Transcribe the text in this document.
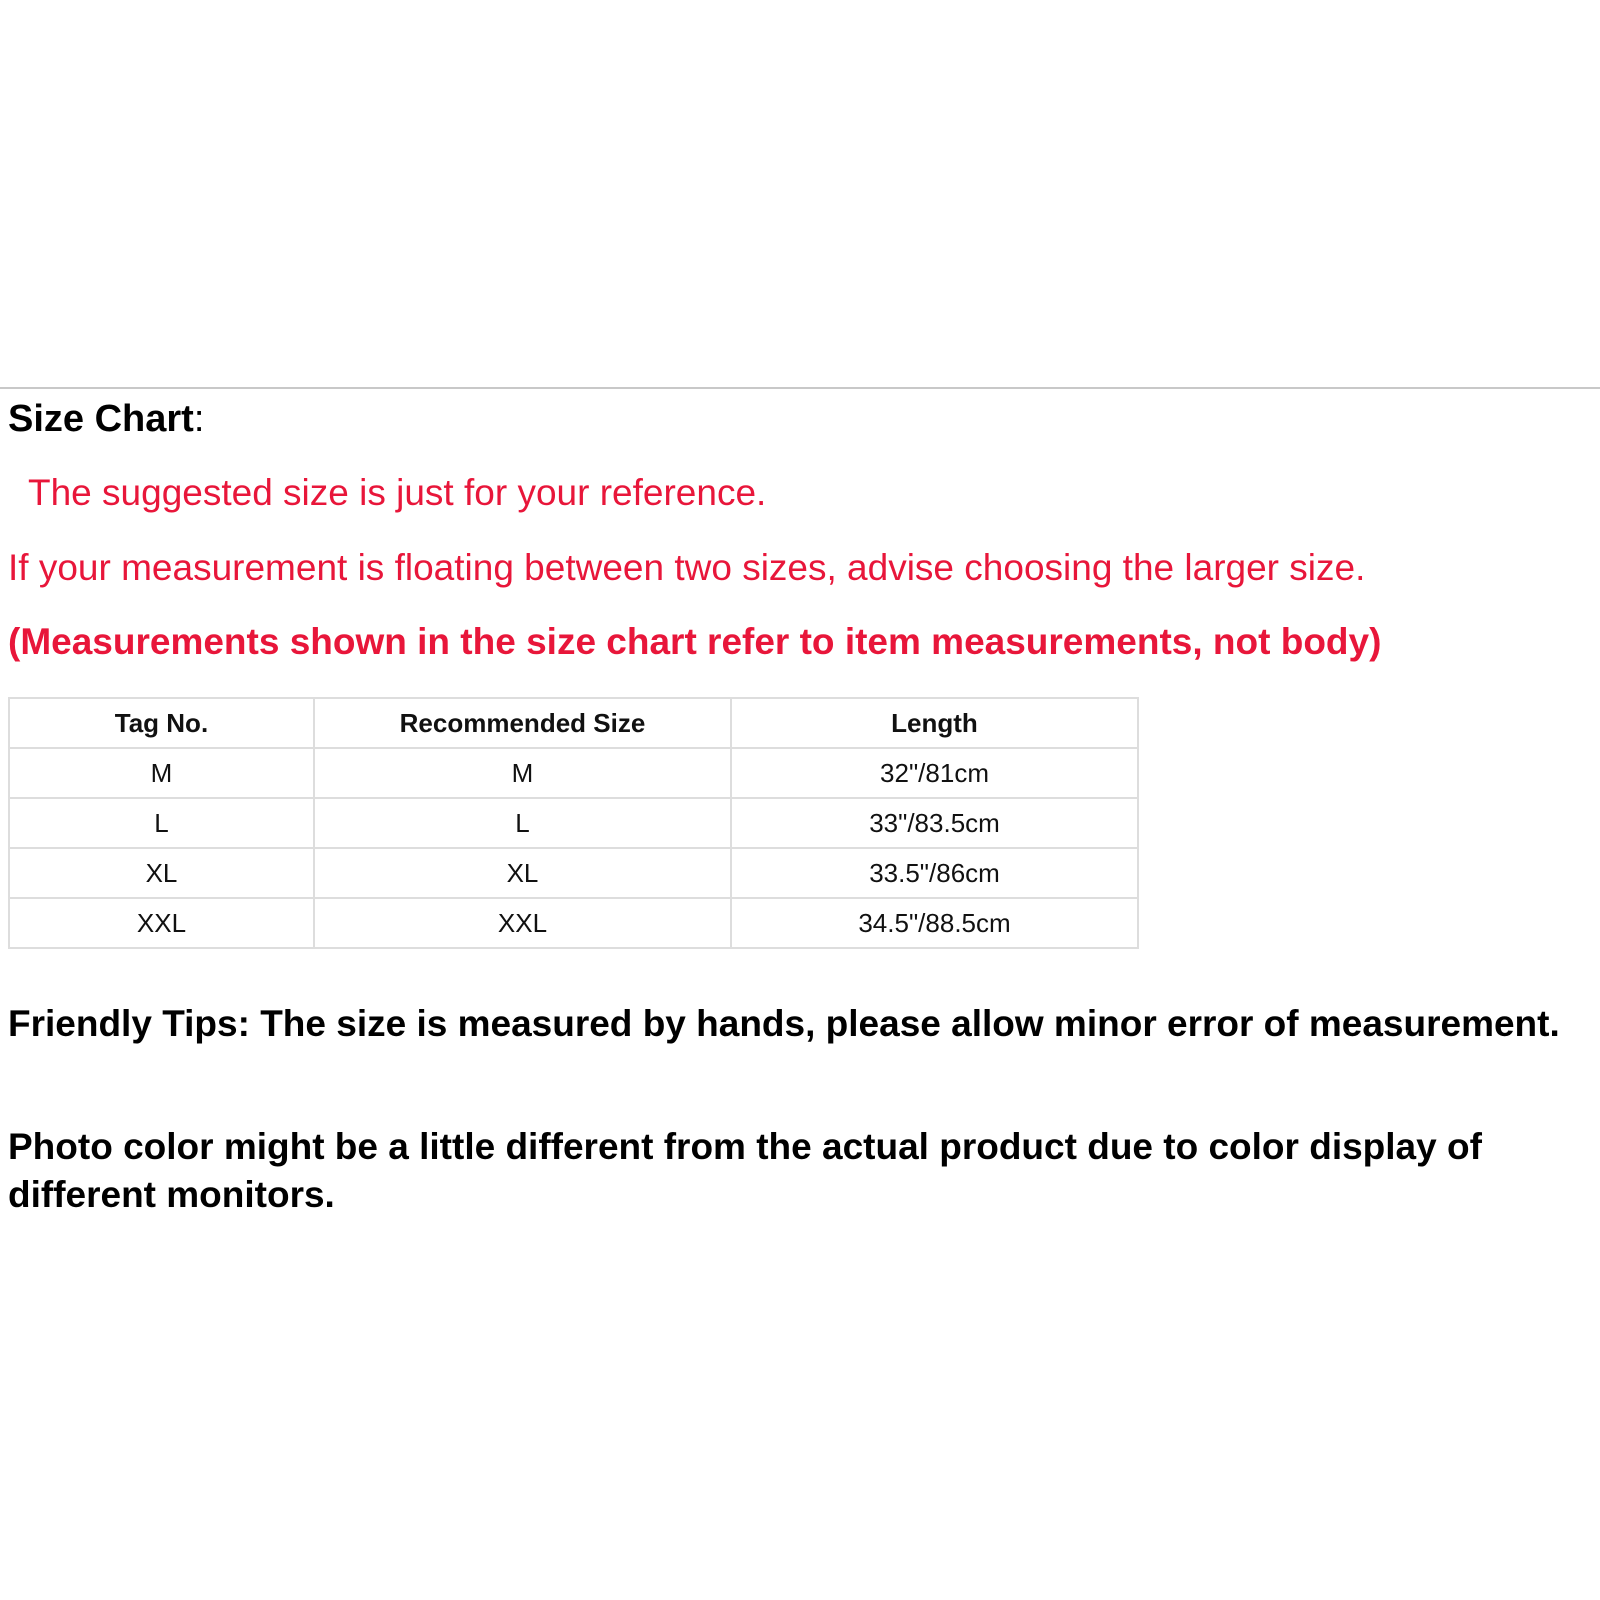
Size Chart:
The suggested size is just for your reference.
If your measurement is floating between two sizes, advise choosing the larger size.
(Measurements shown in the size chart refer to item measurements, not body)
Tag No.	Recommended Size	Length
M	M	32"/81cm
L	L	33"/83.5cm
XL	XL	33.5"/86cm
XXL	XXL	34.5"/88.5cm
Friendly Tips: The size is measured by hands, please allow minor error of measurement.
Photo color might be a little different from the actual product due to color display of different monitors.
